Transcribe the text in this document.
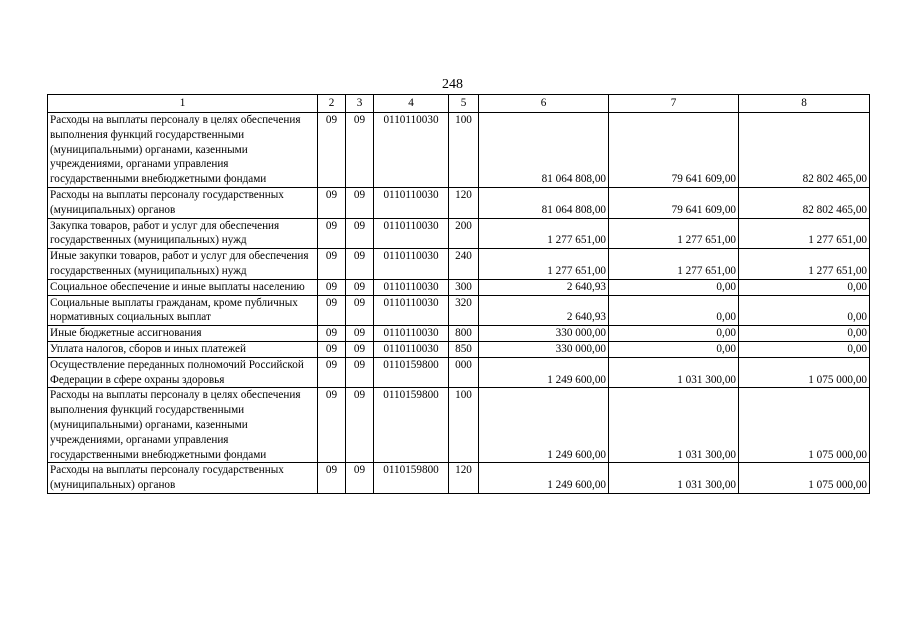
248
1	2	3	4	5	6	7	8
Расходы на выплаты персоналу в целях обеспечения выполнения функций государственными (муниципальными) органами, казенными учреждениями, органами управления государственными внебюджетными фондами	09	09	0110110030	100	81 064 808,00	79 641 609,00	82 802 465,00
Расходы на выплаты персоналу государственных (муниципальных) органов	09	09	0110110030	120	81 064 808,00	79 641 609,00	82 802 465,00
Закупка товаров, работ и услуг для обеспечения государственных (муниципальных) нужд	09	09	0110110030	200	1 277 651,00	1 277 651,00	1 277 651,00
Иные закупки товаров, работ и услуг для обеспечения государственных (муниципальных) нужд	09	09	0110110030	240	1 277 651,00	1 277 651,00	1 277 651,00
Социальное обеспечение и иные выплаты населению	09	09	0110110030	300	2 640,93	0,00	0,00
Социальные выплаты гражданам, кроме публичных нормативных социальных выплат	09	09	0110110030	320	2 640,93	0,00	0,00
Иные бюджетные ассигнования	09	09	0110110030	800	330 000,00	0,00	0,00
Уплата налогов, сборов и иных платежей	09	09	0110110030	850	330 000,00	0,00	0,00
Осуществление переданных полномочий Российской Федерации в сфере охраны здоровья	09	09	0110159800	000	1 249 600,00	1 031 300,00	1 075 000,00
Расходы на выплаты персоналу в целях обеспечения выполнения функций государственными (муниципальными) органами, казенными учреждениями, органами управления государственными внебюджетными фондами	09	09	0110159800	100	1 249 600,00	1 031 300,00	1 075 000,00
Расходы на выплаты персоналу государственных (муниципальных) органов	09	09	0110159800	120	1 249 600,00	1 031 300,00	1 075 000,00
